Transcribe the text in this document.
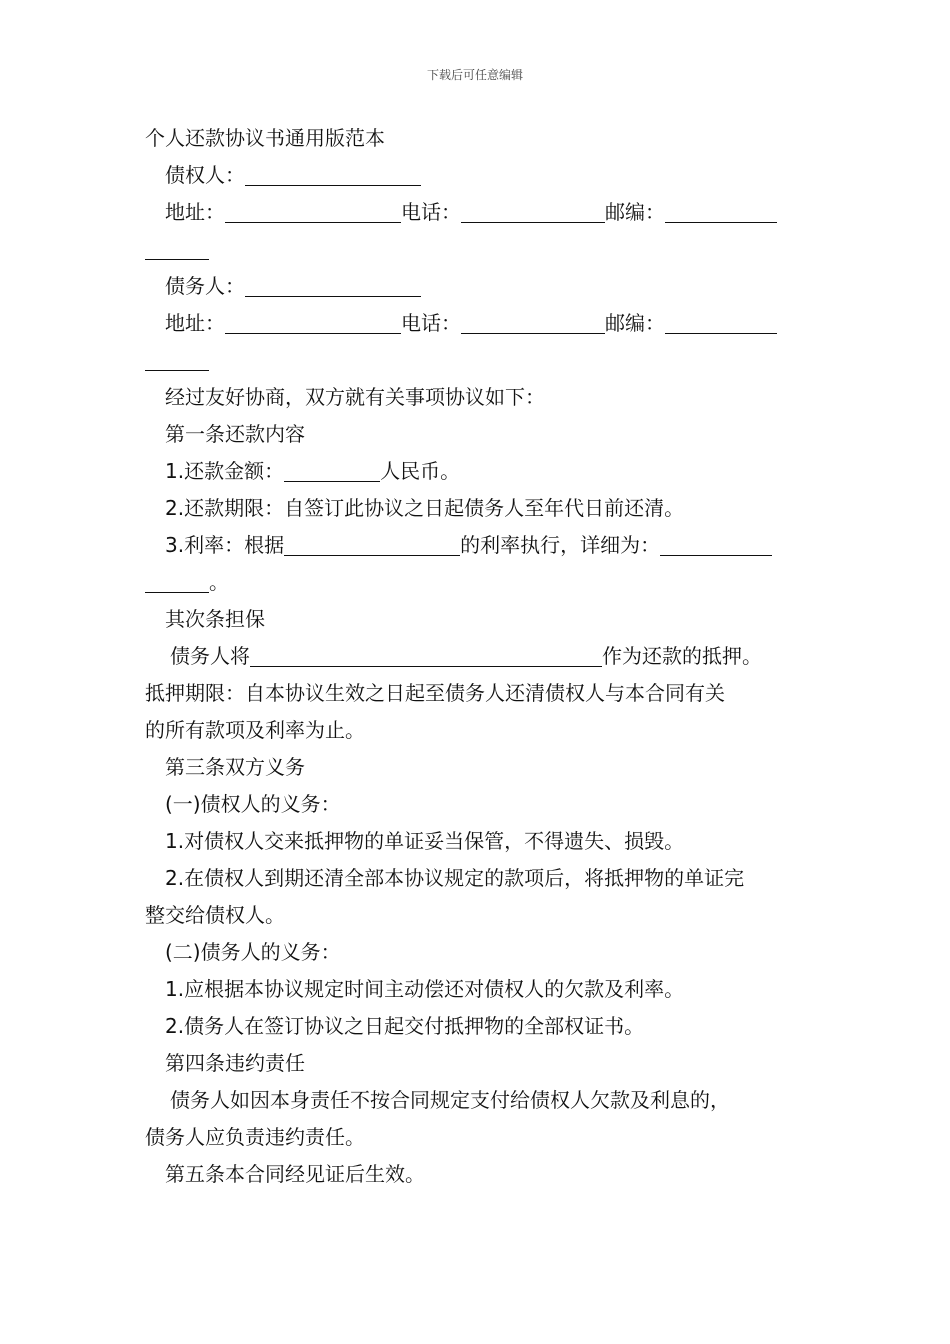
下载后可任意编辑
个人还款协议书通用版范本
债权人：
地址：	电话：	邮编：
债务人：
地址：	电话：	邮编：
经过友好协商，双方就有关事项协议如下：
第一条还款内容
1.还款金额：	人民币。
2.还款期限：自签订此协议之日起债务人至年代日前还清。
3.利率：根据	的利率执行，详细为：
。
其次条担保
债务人将	作为还款的抵押。
抵押期限：自本协议生效之日起至债务人还清债权人与本合同有关
的所有款项及利率为止。
第三条双方义务
(一)债权人的义务：
1.对债权人交来抵押物的单证妥当保管，不得遗失、损毁。
2.在债权人到期还清全部本协议规定的款项后，将抵押物的单证完
整交给债权人。
(二)债务人的义务：
1.应根据本协议规定时间主动偿还对债权人的欠款及利率。
2.债务人在签订协议之日起交付抵押物的全部权证书。
第四条违约责任
债务人如因本身责任不按合同规定支付给债权人欠款及利息的，
债务人应负责违约责任。
第五条本合同经见证后生效。
